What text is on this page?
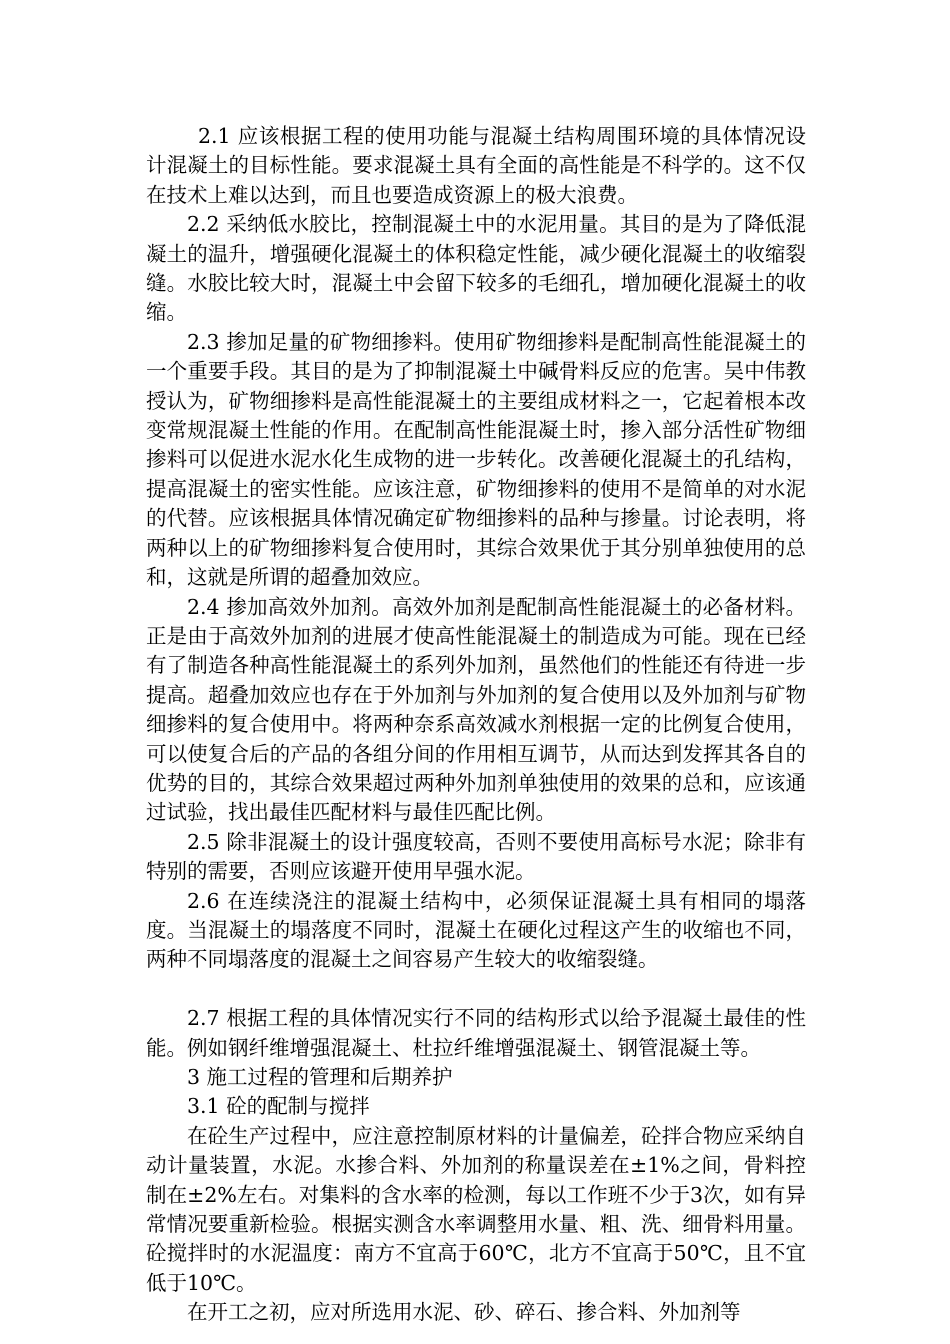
2.1 应该根据工程的使用功能与混凝土结构周围环境的具体情况设计混凝土的目标性能。要求混凝土具有全面的高性能是不科学的。这不仅在技术上难以达到，而且也要造成资源上的极大浪费。

2.2 采纳低水胶比，控制混凝土中的水泥用量。其目的是为了降低混凝土的温升，增强硬化混凝土的体积稳定性能，减少硬化混凝土的收缩裂缝。水胶比较大时，混凝土中会留下较多的毛细孔，增加硬化混凝土的收缩。

2.3 掺加足量的矿物细掺料。使用矿物细掺料是配制高性能混凝土的一个重要手段。其目的是为了抑制混凝土中碱骨料反应的危害。吴中伟教授认为，矿物细掺料是高性能混凝土的主要组成材料之一，它起着根本改变常规混凝土性能的作用。在配制高性能混凝土时，掺入部分活性矿物细掺料可以促进水泥水化生成物的进一步转化。改善硬化混凝土的孔结构，提高混凝土的密实性能。应该注意，矿物细掺料的使用不是简单的对水泥的代替。应该根据具体情况确定矿物细掺料的品种与掺量。讨论表明，将两种以上的矿物细掺料复合使用时，其综合效果优于其分别单独使用的总和，这就是所谓的超叠加效应。

2.4 掺加高效外加剂。高效外加剂是配制高性能混凝土的必备材料。正是由于高效外加剂的进展才使高性能混凝土的制造成为可能。现在已经有了制造各种高性能混凝土的系列外加剂，虽然他们的性能还有待进一步提高。超叠加效应也存在于外加剂与外加剂的复合使用以及外加剂与矿物细掺料的复合使用中。将两种奈系高效减水剂根据一定的比例复合使用，可以使复合后的产品的各组分间的作用相互调节，从而达到发挥其各自的优势的目的，其综合效果超过两种外加剂单独使用的效果的总和，应该通过试验，找出最佳匹配材料与最佳匹配比例。

2.5 除非混凝土的设计强度较高，否则不要使用高标号水泥；除非有特别的需要，否则应该避开使用早强水泥。

2.6 在连续浇注的混凝土结构中，必须保证混凝土具有相同的塌落度。当混凝土的塌落度不同时，混凝土在硬化过程这产生的收缩也不同，两种不同塌落度的混凝土之间容易产生较大的收缩裂缝。

2.7 根据工程的具体情况实行不同的结构形式以给予混凝土最佳的性能。例如钢纤维增强混凝土、杜拉纤维增强混凝土、钢管混凝土等。

3 施工过程的管理和后期养护

3.1 砼的配制与搅拌

在砼生产过程中，应注意控制原材料的计量偏差，砼拌合物应采纳自动计量装置，水泥。水掺合料、外加剂的称量误差在±1%之间，骨料控制在±2%左右。对集料的含水率的检测，每以工作班不少于3次，如有异常情况要重新检验。根据实测含水率调整用水量、粗、洗、细骨料用量。砼搅拌时的水泥温度：南方不宜高于60℃，北方不宜高于50℃，且不宜低于10℃。

在开工之初，应对所选用水泥、砂、碎石、掺合料、外加剂等
